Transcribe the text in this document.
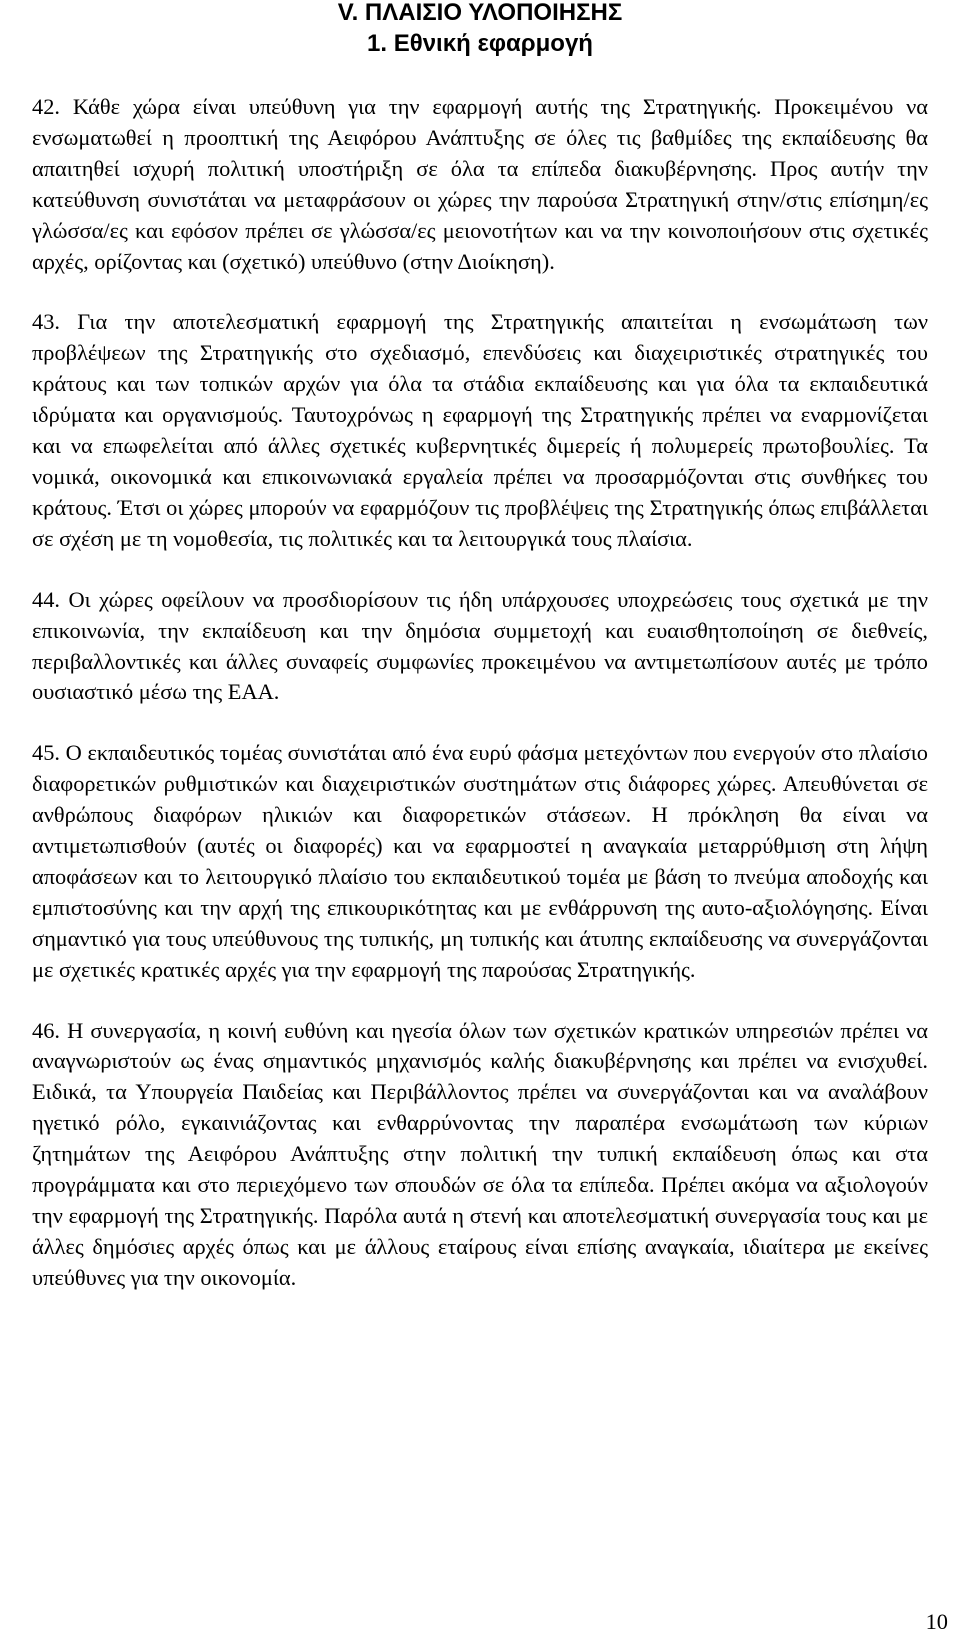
V. ΠΛΑΙΣΙΟ ΥΛΟΠΟΙΗΣΗΣ
1. Εθνική εφαρμογή

42. Κάθε χώρα είναι υπεύθυνη για την εφαρμογή αυτής της Στρατηγικής. Προκειμένου να ενσωματωθεί η προοπτική της Αειφόρου Ανάπτυξης σε όλες τις βαθμίδες της εκπαίδευσης θα απαιτηθεί ισχυρή πολιτική υποστήριξη σε όλα τα επίπεδα διακυβέρνησης. Προς αυτήν την κατεύθυνση συνιστάται να μεταφράσουν οι χώρες την παρούσα Στρατηγική στην/στις επίσημη/ες γλώσσα/ες και εφόσον πρέπει σε γλώσσα/ες μειονοτήτων και να την κοινοποιήσουν στις σχετικές αρχές, ορίζοντας και (σχετικό) υπεύθυνο (στην Διοίκηση).

43. Για την αποτελεσματική εφαρμογή της Στρατηγικής απαιτείται η ενσωμάτωση των προβλέψεων της Στρατηγικής στο σχεδιασμό, επενδύσεις και διαχειριστικές στρατηγικές του κράτους και των τοπικών αρχών για όλα τα στάδια εκπαίδευσης και για όλα τα εκπαιδευτικά ιδρύματα και οργανισμούς. Ταυτοχρόνως η εφαρμογή της Στρατηγικής πρέπει να εναρμονίζεται και να επωφελείται από άλλες σχετικές κυβερνητικές διμερείς ή πολυμερείς πρωτοβουλίες. Τα νομικά, οικονομικά και επικοινωνιακά εργαλεία πρέπει να προσαρμόζονται στις συνθήκες του κράτους. Έτσι οι χώρες μπορούν να εφαρμόζουν τις προβλέψεις της Στρατηγικής όπως επιβάλλεται σε σχέση με τη νομοθεσία, τις πολιτικές και τα λειτουργικά τους πλαίσια.

44. Οι χώρες οφείλουν να προσδιορίσουν τις ήδη υπάρχουσες υποχρεώσεις τους σχετικά με την επικοινωνία, την εκπαίδευση και την δημόσια συμμετοχή και ευαισθητοποίηση σε διεθνείς, περιβαλλοντικές και άλλες συναφείς συμφωνίες προκειμένου να αντιμετωπίσουν αυτές με τρόπο ουσιαστικό μέσω της ΕΑΑ.

45. Ο εκπαιδευτικός τομέας συνιστάται από ένα ευρύ φάσμα μετεχόντων που ενεργούν στο πλαίσιο διαφορετικών ρυθμιστικών και διαχειριστικών συστημάτων στις διάφορες χώρες. Απευθύνεται σε ανθρώπους διαφόρων ηλικιών και διαφορετικών στάσεων. Η πρόκληση θα είναι να αντιμετωπισθούν (αυτές οι διαφορές) και να εφαρμοστεί η αναγκαία μεταρρύθμιση στη λήψη αποφάσεων και το λειτουργικό πλαίσιο του εκπαιδευτικού τομέα με βάση το πνεύμα αποδοχής και εμπιστοσύνης και την αρχή της επικουρικότητας και με ενθάρρυνση της αυτο-αξιολόγησης. Είναι σημαντικό για τους υπεύθυνους της τυπικής, μη τυπικής και άτυπης εκπαίδευσης να συνεργάζονται με σχετικές κρατικές αρχές για την εφαρμογή της παρούσας Στρατηγικής.

46. Η συνεργασία, η κοινή ευθύνη και ηγεσία όλων των σχετικών κρατικών υπηρεσιών πρέπει να αναγνωριστούν ως ένας σημαντικός μηχανισμός καλής διακυβέρνησης και πρέπει να ενισχυθεί. Ειδικά, τα Υπουργεία Παιδείας και Περιβάλλοντος πρέπει να συνεργάζονται και να αναλάβουν ηγετικό ρόλο, εγκαινιάζοντας και ενθαρρύνοντας την παραπέρα ενσωμάτωση των κύριων ζητημάτων της Αειφόρου Ανάπτυξης στην πολιτική την τυπική εκπαίδευση όπως και στα προγράμματα και στο περιεχόμενο των σπουδών σε όλα τα επίπεδα. Πρέπει ακόμα να αξιολογούν την εφαρμογή της Στρατηγικής. Παρόλα αυτά η στενή και αποτελεσματική συνεργασία τους και με άλλες δημόσιες αρχές όπως και με άλλους εταίρους είναι επίσης αναγκαία, ιδιαίτερα με εκείνες υπεύθυνες για την οικονομία.

10
